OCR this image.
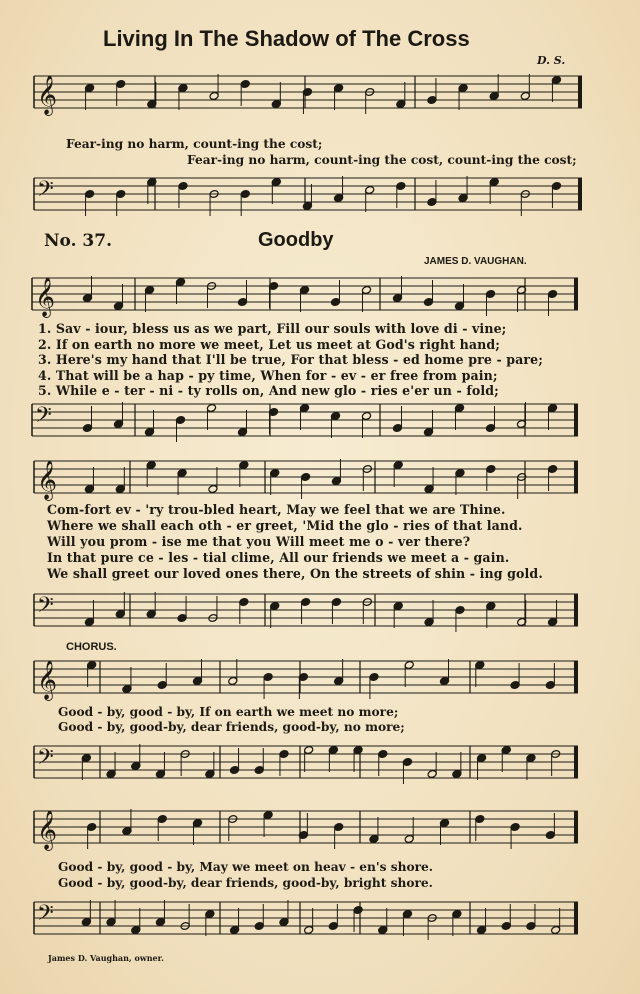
Living In The Shadow of The Cross
D. S.
𝄞
Fear-ing no harm, count-ing the cost;
Fear-ing no harm, count-ing the cost, count-ing the cost;
𝄢
No. 37.	Goodby
JAMES D. VAUGHAN.
𝄞
1. Sav - iour, bless us as we part, Fill our souls with love di - vine;
2. If on earth no more we meet, Let us meet at God's right hand;
3. Here's my hand that I'll be true, For that bless - ed home pre - pare;
4. That will be a hap - py time, When for - ev - er free from pain;
5. While e - ter - ni - ty rolls on, And new glo - ries e'er un - fold;
𝄢
𝄞
Com-fort ev - 'ry trou-bled heart, May we feel that we are Thine.
Where we shall each oth - er greet, 'Mid the glo - ries of that land.
Will you prom - ise me that you Will meet me o - ver there?
In that pure ce - les - tial clime, All our friends we meet a - gain.
We shall greet our loved ones there, On the streets of shin - ing gold.
𝄢
CHORUS.
𝄞
Good - by, good - by, If on earth we meet no more;
Good - by, good-by, dear friends, good-by, no more;
𝄢
𝄞
Good - by, good - by, May we meet on heav - en's shore.
Good - by, good-by, dear friends, good-by, bright shore.
𝄢
James D. Vaughan, owner.
